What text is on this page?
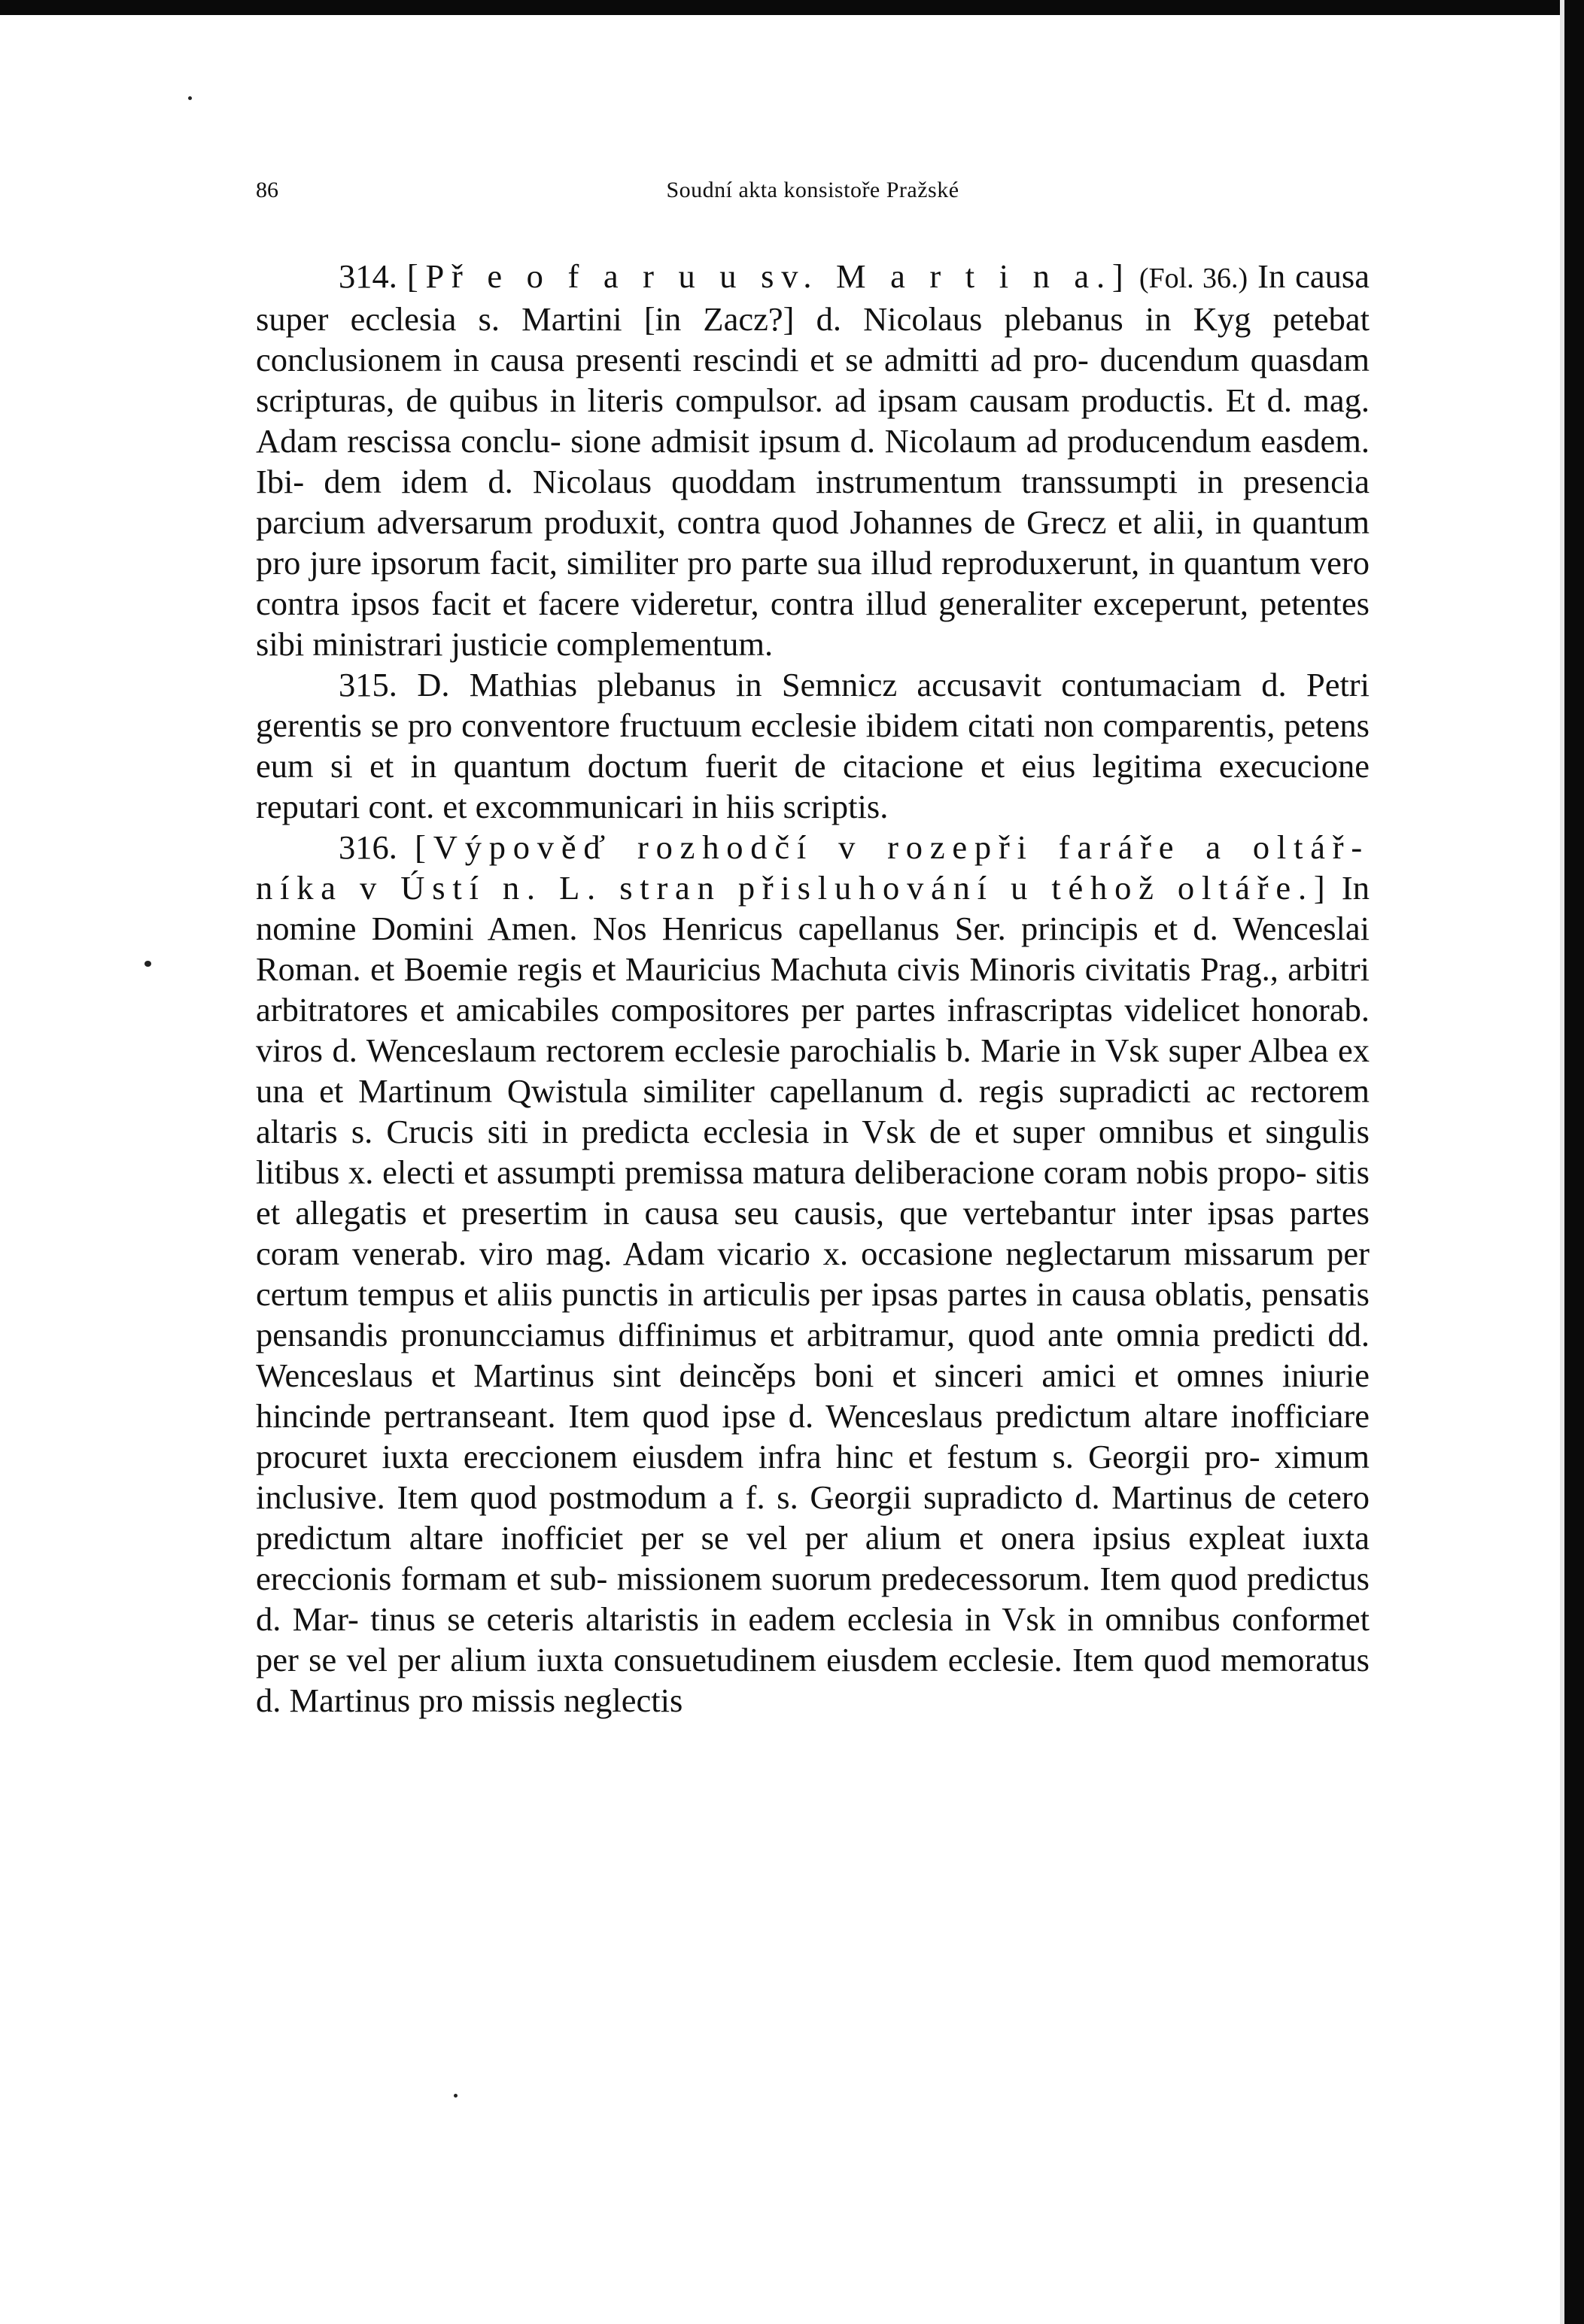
86	Soudní akta konsistoře Pražské

314. [Př e o f a r u u sv. M a r t i n a.] (Fol. 36.) In causa super ecclesia s. Martini [in Zacz?] d. Nicolaus plebanus in Kyg petebat conclusionem in causa presenti rescindi et se admitti ad pro- ducendum quasdam scripturas, de quibus in literis compulsor. ad ipsam causam productis. Et d. mag. Adam rescissa conclu- sione admisit ipsum d. Nicolaum ad producendum easdem. Ibi- dem idem d. Nicolaus quoddam instrumentum transsumpti in presencia parcium adversarum produxit, contra quod Johannes de Grecz et alii, in quantum pro jure ipsorum facit, similiter pro parte sua illud reproduxerunt, in quantum vero contra ipsos facit et facere videretur, contra illud generaliter exceperunt, petentes sibi ministrari justicie complementum.

315. D. Mathias plebanus in Semnicz accusavit contumaciam d. Petri gerentis se pro conventore fructuum ecclesie ibidem citati non comparentis, petens eum si et in quantum doctum fuerit de citacione et eius legitima execucione reputari cont. et excommunicari in hiis scriptis.

316. [Výpověď rozhodčí v rozepři faráře a oltář- níka v Ústí n. L. stran přisluhování u téhož oltáře.] In nomine Domini Amen. Nos Henricus capellanus Ser. principis et d. Wenceslai Roman. et Boemie regis et Mauricius Machuta civis Minoris civitatis Prag., arbitri arbitratores et amicabiles compositores per partes infrascriptas videlicet honorab. viros d. Wenceslaum rectorem ecclesie parochialis b. Marie in Vsk super Albea ex una et Martinum Qwistula similiter capellanum d. regis supradicti ac rectorem altaris s. Crucis siti in predicta ecclesia in Vsk de et super omnibus et singulis litibus x. electi et assumpti premissa matura deliberacione coram nobis propo- sitis et allegatis et presertim in causa seu causis, que vertebantur inter ipsas partes coram venerab. viro mag. Adam vicario x. occasione neglectarum missarum per certum tempus et aliis punctis in articulis per ipsas partes in causa oblatis, pensatis pensandis pronuncciamus diffinimus et arbitramur, quod ante omnia predicti dd. Wenceslaus et Martinus sint deincěps boni et sinceri amici et omnes iniurie hincinde pertranseant. Item quod ipse d. Wenceslaus predictum altare inofficiare procuret iuxta ereccionem eiusdem infra hinc et festum s. Georgii pro- ximum inclusive. Item quod postmodum a f. s. Georgii supradicto d. Martinus de cetero predictum altare inofficiet per se vel per alium et onera ipsius expleat iuxta ereccionis formam et sub- missionem suorum predecessorum. Item quod predictus d. Mar- tinus se ceteris altaristis in eadem ecclesia in Vsk in omnibus conformet per se vel per alium iuxta consuetudinem eiusdem ecclesie. Item quod memoratus d. Martinus pro missis neglectis
